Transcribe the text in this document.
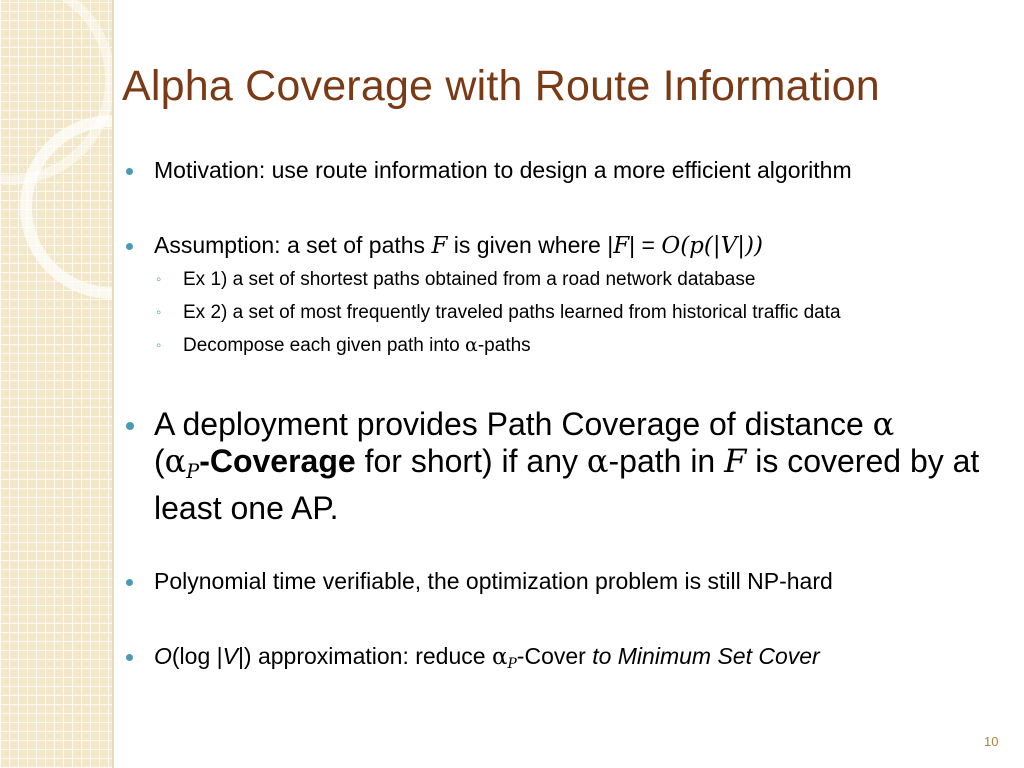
Alpha Coverage with Route Information
Motivation: use route information to design a more efficient algorithm
Assumption: a set of paths F is given where |F| = O(p(|V|))
◦ Ex 1) a set of shortest paths obtained from a road network database
◦ Ex 2) a set of most frequently traveled paths learned from historical traffic data
◦ Decompose each given path into α-paths
A deployment provides Path Coverage of distance α
($\alpha_P$-Coverage for short) if any α-path in F is covered by at least one AP.
Polynomial time verifiable, the optimization problem is still NP-hard
O(log |V|) approximation: reduce $\alpha_P$-Cover to Minimum Set Cover
10
